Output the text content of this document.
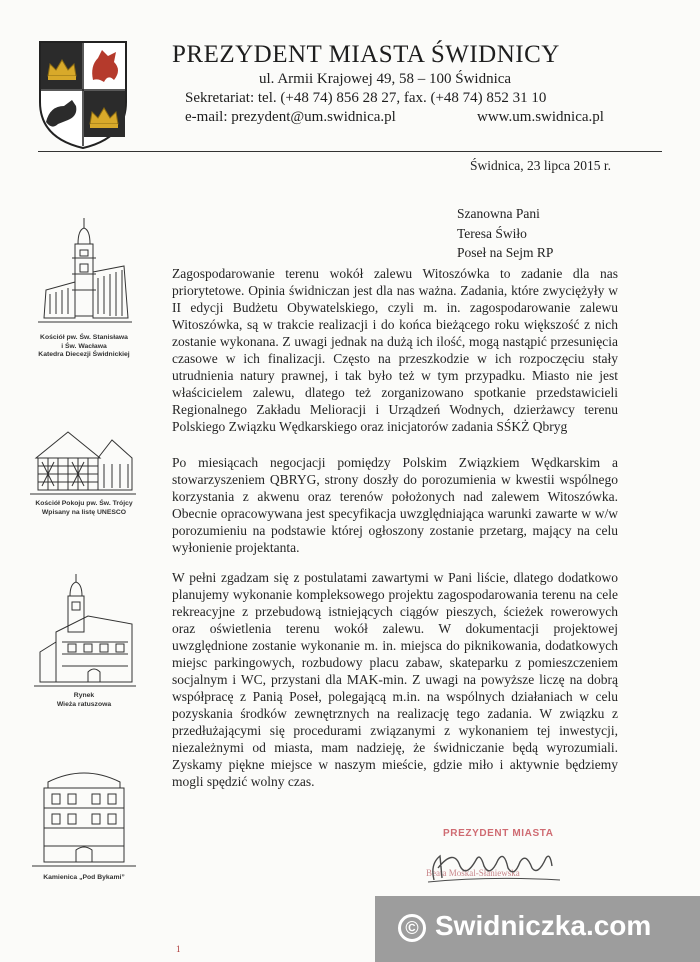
PREZYDENT MIASTA ŚWIDNICY
ul. Armii Krajowej 49, 58 – 100 Świdnica
Sekretariat: tel. (+48 74) 856 28 27, fax. (+48 74) 852 31 10
e-mail: prezydent@um.swidnica.pl	www.um.swidnica.pl
Świdnica, 23 lipca 2015 r.
Szanowna Pani
Teresa Świło
Poseł na Sejm RP
Kościół pw. Św. Stanisława
i Św. Wacława
Katedra Diecezji Świdnickiej
Kościół Pokoju pw. Św. Trójcy
Wpisany na listę UNESCO
Rynek
Wieża ratuszowa
Kamienica „Pod Bykami”
Zagospodarowanie terenu wokół zalewu Witoszówka to zadanie dla nas priorytetowe. Opinia świdniczan jest dla nas ważna. Zadania, które zwyciężyły w II edycji Budżetu Obywatelskiego, czyli m. in. zagospodarowanie zalewu Witoszówka, są w trakcie realizacji i do końca bieżącego roku większość z nich zostanie wykonana. Z uwagi jednak na dużą ich ilość, mogą nastąpić przesunięcia czasowe w ich finalizacji. Często na przeszkodzie w ich rozpoczęciu stały utrudnienia natury prawnej, i tak było też w tym przypadku. Miasto nie jest właścicielem zalewu, dlatego też zorganizowano spotkanie przedstawicieli Regionalnego Zakładu Melioracji i Urządzeń Wodnych, dzierżawcy terenu Polskiego Związku Wędkarskiego oraz inicjatorów zadania SŚKŻ Qbryg
Po miesiącach negocjacji pomiędzy Polskim Związkiem Wędkarskim a stowarzyszeniem QBRYG, strony doszły do porozumienia w kwestii wspólnego korzystania z akwenu oraz terenów położonych nad zalewem Witoszówka. Obecnie opracowywana jest specyfikacja uwzględniająca warunki zawarte w w/w porozumieniu na podstawie której ogłoszony zostanie przetarg, mający na celu wyłonienie projektanta.
W pełni zgadzam się z postulatami zawartymi w Pani liście, dlatego dodatkowo planujemy wykonanie kompleksowego projektu zagospodarowania terenu na cele rekreacyjne z przebudową istniejących ciągów pieszych, ścieżek rowerowych oraz oświetlenia terenu wokół zalewu. W dokumentacji projektowej uwzględnione zostanie wykonanie m. in. miejsca do piknikowania, dodatkowych miejsc parkingowych, rozbudowy placu zabaw, skateparku z pomieszczeniem socjalnym i WC, przystani dla MAK-min. Z uwagi na powyższe liczę na dobrą współpracę z Panią Poseł, polegającą m.in. na wspólnych działaniach w celu pozyskania środków zewnętrznych na realizację tego zadania. W związku z przedłużającymi się procedurami związanymi z wykonaniem tej inwestycji, niezależnymi od miasta, mam nadzieję, że świdniczanie będą wyrozumiali. Zyskamy piękne miejsce w naszym mieście, gdzie miło i aktywnie będziemy mogli spędzić wolny czas.
PREZYDENT MIASTA
Beata Moskal-Słaniewska
© Swidniczka.com
1
